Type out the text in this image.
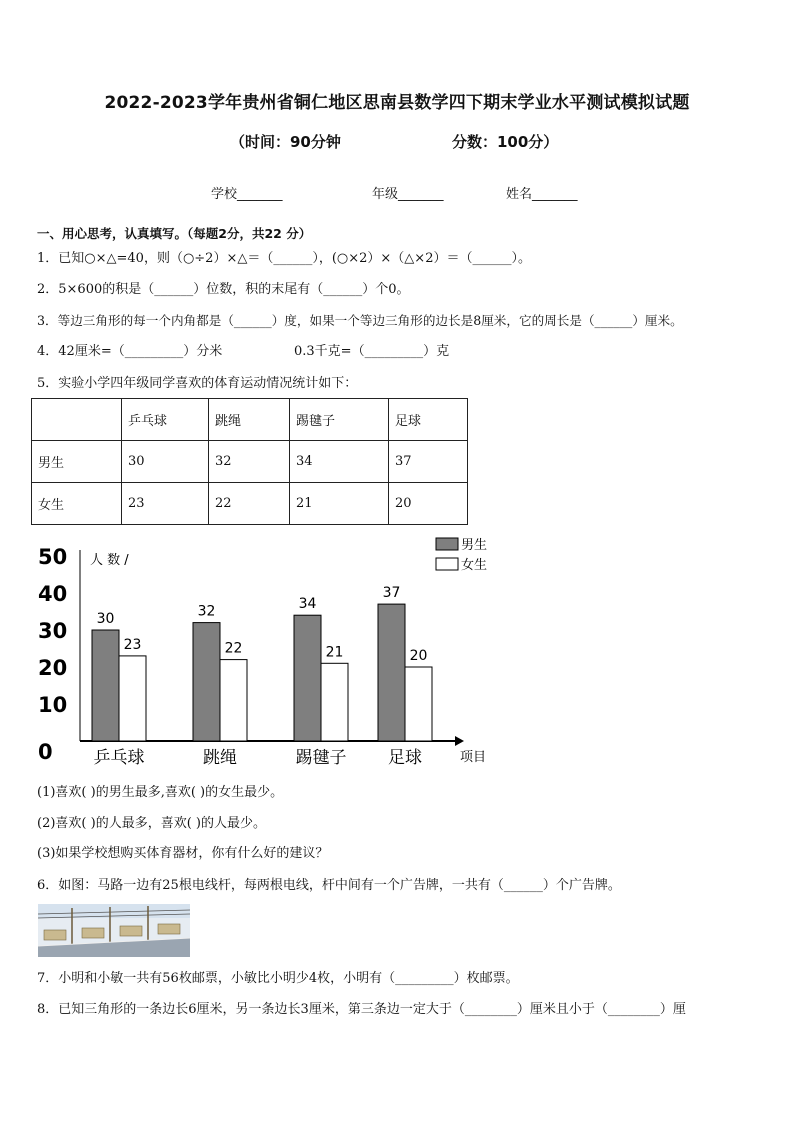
2022-2023学年贵州省铜仁地区思南县数学四下期末学业水平测试模拟试题
（时间：90分钟	分数：100分）
学校_______	年级_______	姓名_______
一、用心思考，认真填写。（每题2分，共22 分）
1．已知○×△=40，则（○÷2）×△＝（______），(○×2）×（△×2）＝（______）。
2．5×600的积是（______）位数，积的末尾有（______）个0。
3．等边三角形的每一个内角都是（______）度，如果一个等边三角形的边长是8厘米，它的周长是（______）厘米。
4．42厘米=（_________）分米	0.3千克=（_________）克
5．实验小学四年级同学喜欢的体育运动情况统计如下：
	乒乓球	跳绳	踢毽子	足球
男生	30	32	34	37
女生	23	22	21	20
0
10
20
30
40
50 人 数 /
30
23
乒乓球
32
22
跳绳
34
21
踢毽子
37
20
足球	项目
男生
女生
(1)喜欢( )的男生最多,喜欢( )的女生最少。
(2)喜欢( )的人最多，喜欢( )的人最少。
(3)如果学校想购买体育器材，你有什么好的建议？
6．如图：马路一边有25根电线杆，每两根电线，杆中间有一个广告牌，一共有（______）个广告牌。
7．小明和小敏一共有56枚邮票，小敏比小明少4枚，小明有（_________）枚邮票。
8．已知三角形的一条边长6厘米，另一条边长3厘米，第三条边一定大于（________）厘米且小于（________）厘
